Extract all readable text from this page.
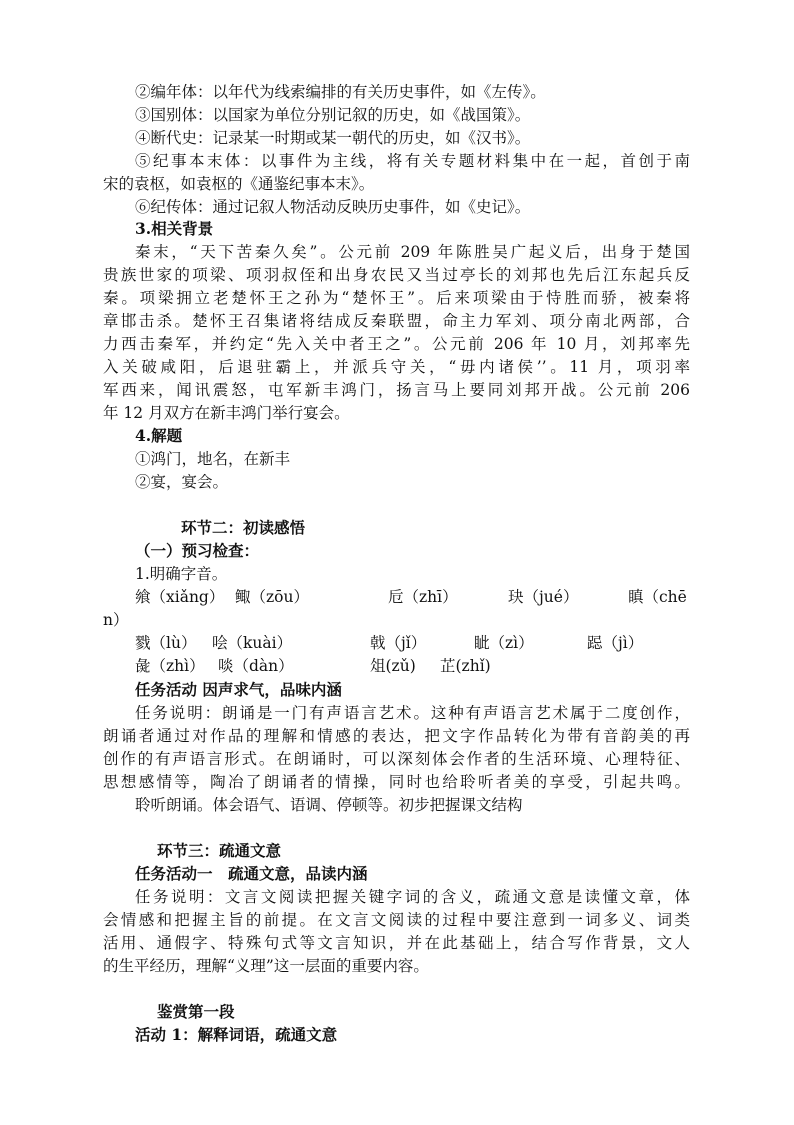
②编年体：以年代为线索编排的有关历史事件，如《左传》。
③国别体：以国家为单位分别记叙的历史，如《战国策》。
④断代史：记录某一时期或某一朝代的历史，如《汉书》。
⑤纪事本末体：以事件为主线，将有关专题材料集中在一起，首创于南
宋的袁枢，如袁枢的《通鉴纪事本末》。
⑥纪传体：通过记叙人物活动反映历史事件，如《史记》。
3.相关背景
秦末，“天下苦秦久矣”。公元前 209 年陈胜吴广起义后，出身于楚国
贵族世家的项梁、项羽叔侄和出身农民又当过亭长的刘邦也先后江东起兵反
秦。项梁拥立老楚怀王之孙为“楚怀王”。后来项梁由于恃胜而骄，被秦将
章邯击杀。楚怀王召集诸将结成反秦联盟，命主力军刘、项分南北两部，合
力西击秦军，并约定“先入关中者王之”。公元前 206 年 10 月，刘邦率先
入关破咸阳，后退驻霸上，并派兵守关，“毋内诸侯’’。11 月，项羽率
军西来，闻讯震怒，屯军新丰鸿门，扬言马上要同刘邦开战。公元前 206
年 12 月双方在新丰鸿门举行宴会。
4.解题
①鸿门，地名，在新丰
②宴，宴会。
环节二：初读感悟
（一）预习检查：
1.明确字音。
飨（xiǎng） 鲰（zōu）	卮（zhī）	玦（jué）	瞋（chē
n）
戮（lù） 哙（kuài）	戟（jǐ）	眦（zì）	跽（jì）
彘（zhì） 啖（dàn）	俎(zǔ) 芷(zhǐ)
任务活动 因声求气，品味内涵
任务说明：朗诵是一门有声语言艺术。这种有声语言艺术属于二度创作，
朗诵者通过对作品的理解和情感的表达，把文字作品转化为带有音韵美的再
创作的有声语言形式。在朗诵时，可以深刻体会作者的生活环境、心理特征、
思想感情等，陶冶了朗诵者的情操，同时也给聆听者美的享受，引起共鸣。
聆听朗诵。体会语气、语调、停顿等。初步把握课文结构
环节三：疏通文意
任务活动一　疏通文意，品读内涵
任务说明：文言文阅读把握关键字词的含义，疏通文意是读懂文章，体
会情感和把握主旨的前提。在文言文阅读的过程中要注意到一词多义、词类
活用、通假字、特殊句式等文言知识，并在此基础上，结合写作背景，文人
的生平经历，理解“义理”这一层面的重要内容。
鉴赏第一段
活动 1：解释词语，疏通文意
